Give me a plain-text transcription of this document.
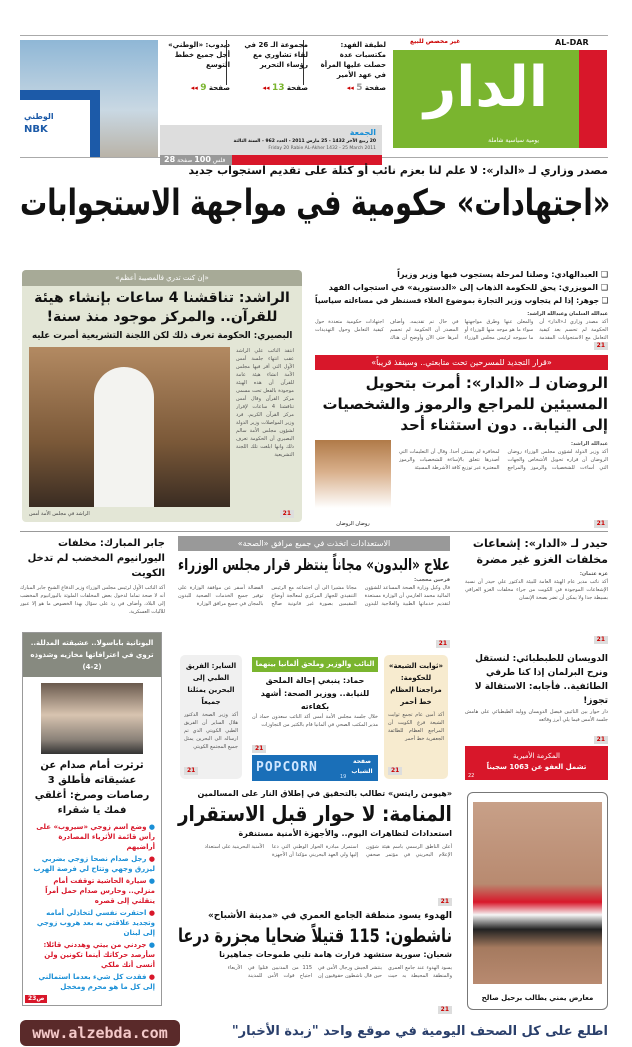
AL-DAR
غير مخصص للبيع
الدار
يومية سياسية شاملة
لطيفة الفهد: مكتسبات عدة حصلت عليها المرأة في عهد الأمير
صفحة 5 ◂◂
مجموعة الـ 26 في لقاء تشاوري مع رؤساء التحرير
صفحة 13 ◂◂
ديدوب: «الوطني» أجل جميع خطط التوسع
صفحة 9 ◂◂
الجمعة
20 ربيع الآخر 1432 - 25 مارس 2011 - العدد 962 - السنة الثالثة
Friday 20 Rabie AL-Akher 1432 - 25 March 2011
فلس 100 صفحة 28
الوطني
NBK
مصدر وزاري لـ «الدار»: لا علم لنا بعزم نائب أو كتلة على تقديم استجواب جديد
«اجتهادات» حكومية في مواجهة الاستجوابات
❑ العبدالهادي: وصلنا لمرحلة يستجوب فيها وزير وزيراً
❑ المويزري: يحق للحكومة الذهاب إلى «الدستورية» في استجواب الفهد
❑ جوهر: إذا لم يتجاوب وزير التجارة بموضوع الغلاء فسننظر في مساءلته سياسياً
عبدالله السلمان وعبدالله الراشد:
أكد مصدر وزاري لـ«الدار» أن الحكومة لم تحسم بعد كيفية التعامل مع الاستجوابات المقدمة والمعلن عنها وطرق مواجهتها سواء ما هو موجه منها للوزراء أو ما سيوجه لرئيس مجلس الوزراء في حال تم تقديمه. وأضاف المصدر أن الحكومة لم تحسم أمرها حتى الآن وأوضح أن هناك اجتهادات حكومية متعددة حول كيفية التعامل وحول التهديدات
21
«قرار التجديد للمسرحين تحت متابعتي.. وسينفذ قريباً»
الروضان لـ «الدار»: أمرت بتحويل المسيئين للمراجع والرموز والشخصيات إلى النيابة.. دون استثناء أحد
عبدالله الراشد:
أكد وزير الدولة لشؤون مجلس الوزراء روضان الروضان أن قراره تحويل الأشخاص والجهات التي أساءت للشخصيات والرموز والمراجع لمخافرة لم يستثن أحدا. وقال أن التعليمات التي أصدرها تتعلق بالإساءة للشخصيات والرموز المعتبرة عبر توزيع كافة الأشرطة المسيئة
21
روضان الروضان
«إن كنت تدري فالمصيبة أعظم»
الراشد: تناقشنا 4 ساعات بإنشاء هيئة للقرآن.. والمركز موجود منذ سنة!
البصيري: الحكومة تعرف ذلك لكن اللجنة التشريعية أصرت عليه
انتقد النائب علي الراشد عقب انتهاء جلسة أمس الأول التي أقر فيها مجلس الأمة انشاء هيئة عامة للقرآن أن هذه الهيئة موجودة بالفعل تحت مسمى مركز القرآن وقال أمس تناقشنا 4 ساعات لإقرار مركز القرآن الكريم. فرد وزير المواصلات وزير الدولة لشؤون مجلس الأمة سالم البصيري أن الحكومة تعرف ذلك وانها ابلغت تلك اللجنة التشريعية
21
الراشد في مجلس الأمة أمس
جابر المبارك: مخلفات اليورانيوم المخضب لم تدخل الكويت
أكد النائب الأول لرئيس مجلس الوزراء وزير الدفاع الشيخ جابر المبارك أنه لا صحة تماما لدخول بعض المخلفات الملوثة باليورانيوم المخضب إلى البلاد، وأضاف في رد على سؤال بهذا الخصوص ما هو إلا عبور للآليات العسكرية.
الاستعدادات اتخذت في جميع مرافق «الصحة»
علاج «البدون» مجاناً ينتظر قرار مجلس الوزراء
فرحين محجب:
قال وكيل وزارة الصحة المساعد للشؤون المالية محمد العازمي أن الوزارة مستعدة لتقديم خدماتها الطبية والعلاجية للبدون مجانا مشيرا الى أن اجتماعه مع الرئيس التنفيذي للجهاز المركزي لمعالجة أوضاع المقيمين بصورة غير قانونية صالح الفضالة أسفر عن موافقة الوزارة على توفير جميع الخدمات الصحية للبدون بالمجان في جميع مرافق الوزارة
21
حيدر لـ «الدار»: إشعاعات مخلفات الغزو غير مضرة
عزة عثمان:
أكد نائب مدير عام الهيئة العامة للبيئة الدكتور علي حيدر أن نسبة الإشعاعات الموجودة في الكويت من جراء مخلفات الغزو العراقي بسيطة جدا ولا يمكن أن تضر بصحة الإنسان
21
اليونانية باباسولا.. عشيقته المدللة.. تروي في اعترافاتها مخازيه وشذوذه (2-4)
ثرثرت أمام صدام عن عشيقاته فأطلق 3 رصاصات وصرخ: أغلقي فمك يا شقراء
● وضع اسم زوجي «سيروب» على رأس قائمة الأثرياء المصادرة أراضيهم
● رجل صدام نصحا زوجي بضربي ليزرق وجهي وتتاح لي فرصة الهرب
● سيارة الحاشية توقفت أمام منزلي.. وحارس صدام حمل أمراً ينقلني إلى قصره
● احتقرت نفسي لتخاذلي أمامه وتجديد علاقتي به بعد هروب زوجي إلى لبنان
● جردني من بيتي وهددني قائلا: سأرصد حركاتك أينما تكونين ولن أنسى أنك ملكي
● فقدت كل شيء بعدما استمالني إلى كل ما هو محرم ومخجل
ص23
الساير: الفريق الطبي إلى البحرين يمثلنا جميعاً
أكد وزير الصحة الدكتور هلال الساير أن الفريق الطبي الكويتي الذي تم ارساله الى البحرين يمثل جميع المجتمع الكويتي
21
النائب والوزير وملحق ألمانيا بينهما
حماد: ينبغي إحالة الملحق للنيابة.. ووزير الصحة: أشهد بكفاءته
خلال جلسة مجلس الأمة أمس أكد النائب سعدون حماد أن مدير المكتب الصحي في ألمانيا قام بالكثير من التجاوزات
21
POPCORN	صفحة الشباب
19
«ثوابت الشيعة» للحكومة: مراجعنا العظام خط أحمر
أكد أمين عام تجمع ثوابت الشيعة فرع الكويت أن المراجع العظام للطائفة الجعفرية خط أحمر
21
الدويسان للطبطبائي: لنستقل ونرح البرلمان إذا كنا طرفي الطائفية.. فأجابه: الاستقالة لا تجوز!
دار حوار بين النائبين فيصل الدويسان ووليد الطبطبائي على هامش جلسة الأمس فيما يلي أبرز وقائعه
21
المكرمة الأميرية
تشمل العفو عن 1063 سجيناً
22
«هيومن رايتس» تطالب بالتحقيق في إطلاق النار على المسالمين
المنامة: لا حوار قبل الاستقرار
استعدادات لتظاهرات اليوم.. والأجهزة الأمنية مستنفرة
أعلن الناطق الرسمي باسم هيئة شؤون الإعلام البحريني في مؤتمر صحفي استمرار مبادرة الحوار الوطني التي دعا إليها ولي العهد البحريني مؤكدا أن الأجهزة الأمنية البحرينية على استعداد
21
معارض يمني يطالب برحيل صالح
الهدوء يسود منطقة الجامع العمري في «مدينة الأشباح»
ناشطون: 115 قتيلاً ضحايا مجزرة درعا
شعبان: سورية ستشهد قرارت هامة تلبي طموحات جماهيرنا
يسود الهدوء عند جامع العمري والمنطقة المحيطة به حيث ينتشر الجيش ورجال الأمن في حين قال ناشطون حقوقيون إن 115 من المدنيين قتلوا في اجتياح قوات الأمن للمدينة الأربعاء
21
www.alzebda.com	اطلع على كل الصحف اليومية في موقع واحد "زبدة الأخبار"
